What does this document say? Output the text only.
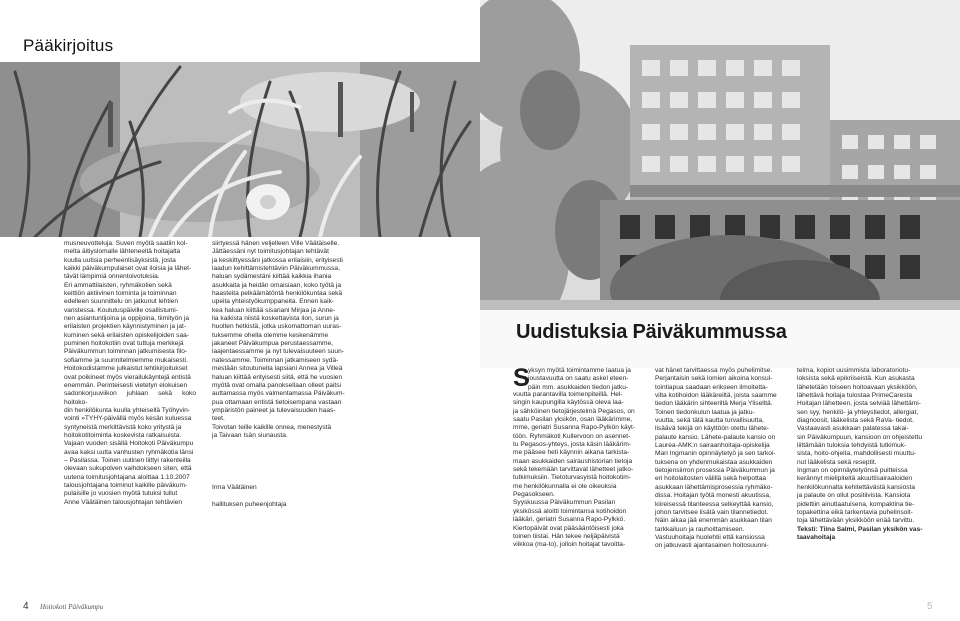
Pääkirjoitus
musneuvotteluja. Suven myötä saatiin kol-
melta äitiyslomalle lähteneeltä hoitajalta
kuulla uutisia perheenlisäyksistä, josta
kaikki päiväkumpulaiset ovat iloisia ja lähet-
tävät lämpimiä onnentoivotuksia.
Eri ammattilaisten, ryhmäkotien sekä
keittiön aktiivinen toiminta ja toiminnan
edelleen suunnittelu on jatkunut lehtien
varistessa. Koulutuspäiville osallistumi-
nen asiantuntijoina ja oppijoina, tiimityön ja
erilaisten projektien käynnistyminen ja jat-
kuminen sekä erilaisten opiskelijoiden saa-
puminen hoitokotiin ovat tuttuja merkkejä
Päiväkummun toiminnan jatkumisesta filo-
sofiamme ja suunnitelmiemme mukaisesti.
Hoitokodistamme julkaistut lehtikirjoitukset
ovat poikineet myös vierailukäyntejä entistä
enemmän. Perinteisesti vietetyn elokuisen
sadonkorjuuviikon juhlaan sekä koko hoitoko-
din henkilökunta kuulla yhteisellä Työhyvin-
vointi »TYHY-päivällä myös kesän kuluessa
syntyneistä merkittävistä koko yritystä ja
hoitokotitoiminta koskevista ratkaisuista.
Vajaan vuoden sisällä Hoitokoti Päiväkumpu
avaa kaksi uutta vanhusten ryhmäkotia länsi
– Pasilassa. Toinen uutinen liittyi rakenteilla
olevaan sukupolven vaihdokseen siten, että
uutena toimitusjohtajana aloittaa 1.10.2007
talousjohtajana toiminut kaikille päiväkum-
pulaisille jo vuosien myötä tutuksi tullut
Anne Väätäinen talousjohtajan tehtävien
siirtyessä hänen veljelleen Ville Väätäiselle.
Jättäessäni nyt toimitusjohtajan tehtävät
ja keskittyessäni jatkossa erilaisiin, erityisesti
laadun kehittämistehtäviin Päiväkummussa,
haluan sydämestäni kiittää kaikkia ihania
asukkaita ja heidän omaisiaan, koko työtä ja
haasteita pelkäämätöntä henkilökuntaa sekä
upeita yhteistyökumppaneita. Ennen kaik-
kea haluan kiittää sisariani Mirjaa ja Anne-
lia kaikista niistä koskettavista ilon, surun ja
huolten hetkistä, jotka uskomattoman uuras-
tuksemme ohella olemme keskenämme
jakaneet Päiväkumpua perustaessamme,
laajentaessamme ja nyt tulevaisuuteen suun-
natessamme. Toiminnan jatkamiseen sydä-
mestään sitoutuneita lapsiani Annea ja Villeä
haluan kiittää erityisesti siitä, että he vuosien
myötä ovat omalla panoksellaan olleet paitsi
auttamassa myös valmentamassa Päiväkum-
pua ottamaan entistä tietoisempana vastaan
ympäristön paineet ja tulevaisuuden haas-
teet.
Toivotan teille kaikille onnea, menestystä
ja Taivaan Isän siunausta.

Irma Väätäinen

hallituksen puheenjohtaja

4 Hoitokoti Päiväkumpu
Uudistuksia Päiväkummussa
S
yksyn myötä toimintamme laatua ja
joustavuutta on saatu askel eteen-
päin mm. asukkaiden tiedon jatku-
vuutta parantavilla toimenpiteillä. Hel-
singin kaupungilla käytössä oleva laa-
ja sähköinen tietojärjestelmä Pegasos, on
saatu Pasilan yksikön, osan lääkärimme,
mme, geriatri Susanna Rapo-Pylkön käyt-
töön. Ryhmäkoti Kullervoon on asennet-
tu Pegasos-yhteys, josta käsin lääkärim-
me pääsee heti käynnin aikana tarkista-
maan asukkaiden sairaushistorian tietoja
sekä tekemään tarvittavat lähetteet jatko-
tutkimuksiin. Tietoturvasyistä hoitokotim-
me henkilökunnalla ei ole oikeuksia
Pegasokseen.
Syyskuussa Päiväkummun Pasilan
yksikössä aloitti toimintansa kotihoidon
lääkäri, geriatri Susanna Rapo-Pylkkö.
Kiertopäivät ovat pääsääntöisesti joka
toinen tiistai. Hän tekee neljäpäivistä
viikkoa (ma-to), jolloin hoitajat tavoitta-
vat hänet tarvittaessa myös puhelimitse.
Perjantaisin sekä lomien aikoina konsul-
tointiapua saadaan erikseen ilmoitetta-
vilta kotihoidon lääkäreiltä, joista saamme
tiedon lääkärin sihteeriltä Merja Yliselltä.
Toinen tiedonkulun laatua ja jatku-
vuutta, sekä tätä kautta turvallisuutta,
lisäävä tekijä on käyttöön otettu lähete-
palaute kansio. Lähete-palaute kansio on
Laurea-AMK:n sairaanhoitaja-opiskelija
Mari Ingmanin opinnäytetyö ja sen tarkoi-
tuksena on yhdenmukaistaa asukkaiden
tietojensiirron prosessia Päiväkummun ja
eri hoitolaitosten välillä sekä helpottaa
asukkaan lähettämisprosessia ryhmäko-
dissa. Hoitajan työtä monesti akuutissa,
kiireisessä tilanteessa selkeyttää kansio,
johon tarvitsee lisätä vain tilannetiedot.
Näin aikaa jää enemmän asukkaan tilan
tarkkailuun ja rauhoittamiseen.
Vastuuhoitaja huolehtii että kansiossa
on jatkuvasti ajantasainen hoitosuunni-
telma, kopiot uusimmista laboratoriotu-
loksista sekä epikriiseistä. Kun asukasta
lähetetään toiseen hoitoavaan yksikköön,
lähettävä hoitaja tulostaa PrimeCaresta
Hoitajan lähetteen, josta selviää lähettämi-
sen syy, henkilö- ja yhteystiedot, allergiat,
diagnoosit, lääkelista sekä RaVa- tiedot.
Vastaavasti asukkaan palatessa takai-
sin Päiväkumpuun, kansioon on ohjeistettu
liittämään tuloksia tehdyistä tutkimuk-
sista, hoito-ohjeita, mahdollisesti muuttu-
nut lääkelista sekä reseptit.
Ingman on opinnäytetyönsä puitteissa
kerännyt mielipiteitä akuuttisairaaloiden
henkilökunnalta kehitettävästä kansiosta
ja palaute on ollut positiivista. Kansiota
pidettiin ainutlaatuisena, kompaktina tie-
topakettina eikä tarkentavia puhelinsoit-
toja lähettävään yksikköön enää tarvittu.
Teksti: Tiina Salmi, Pasilan yksikön vas-
taavahoitaja
5
